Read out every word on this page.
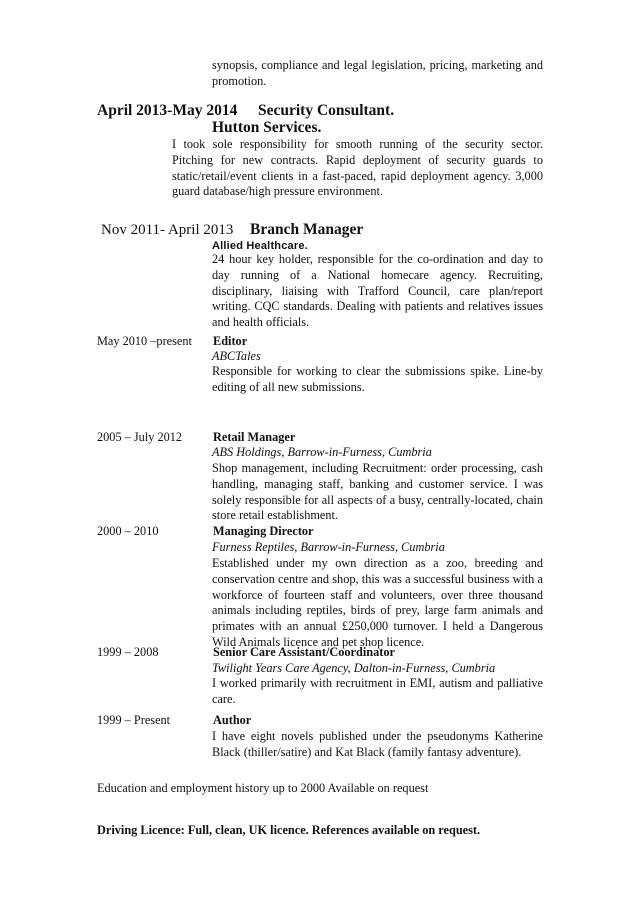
synopsis, compliance and legal legislation, pricing, marketing and promotion.

April 2013-May 2014 Security Consultant.
Hutton Services.

I took sole responsibility for smooth running of the security sector. Pitching for new contracts. Rapid deployment of security guards to static/retail/event clients in a fast-paced, rapid deployment agency. 3,000 guard database/high pressure environment.

Nov 2011- April 2013 Branch Manager
Allied Healthcare.

24 hour key holder, responsible for the co-ordination and day to day running of a National homecare agency. Recruiting, disciplinary, liaising with Trafford Council, care plan/report writing. CQC standards. Dealing with patients and relatives issues and health officials.

May 2010 –present Editor
ABCTales

Responsible for working to clear the submissions spike. Line-by editing of all new submissions.

2005 – July 2012	Retail Manager
ABS Holdings, Barrow-in-Furness, Cumbria

Shop management, including Recruitment: order processing, cash handling, managing staff, banking and customer service. I was solely responsible for all aspects of a busy, centrally-located, chain store retail establishment.

2000 – 2010	Managing Director
Furness Reptiles, Barrow-in-Furness, Cumbria

Established under my own direction as a zoo, breeding and conservation centre and shop, this was a successful business with a workforce of fourteen staff and volunteers, over three thousand animals including reptiles, birds of prey, large farm animals and primates with an annual £250,000 turnover. I held a Dangerous Wild Animals licence and pet shop licence.

1999 – 2008	Senior Care Assistant/Coordinator
Twilight Years Care Agency, Dalton-in-Furness, Cumbria

I worked primarily with recruitment in EMI, autism and palliative care.

1999 – Present	Author

I have eight novels published under the pseudonyms Katherine Black (thiller/satire) and Kat Black (family fantasy adventure).

Education and employment history up to 2000 Available on request
Driving Licence: Full, clean, UK licence. References available on request.
